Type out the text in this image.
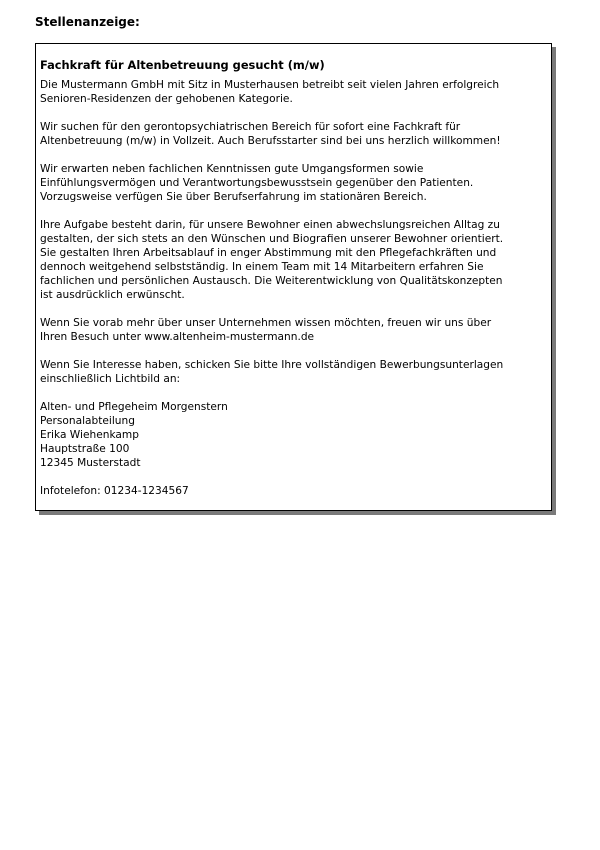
Stellenanzeige:
Fachkraft für Altenbetreuung gesucht (m/w)
Die Mustermann GmbH mit Sitz in Musterhausen betreibt seit vielen Jahren erfolgreich
Senioren-Residenzen der gehobenen Kategorie.

Wir suchen für den gerontopsychiatrischen Bereich für sofort eine Fachkraft für
Altenbetreuung (m/w) in Vollzeit. Auch Berufsstarter sind bei uns herzlich willkommen!

Wir erwarten neben fachlichen Kenntnissen gute Umgangsformen sowie
Einfühlungsvermögen und Verantwortungsbewusstsein gegenüber den Patienten.
Vorzugsweise verfügen Sie über Berufserfahrung im stationären Bereich.

Ihre Aufgabe besteht darin, für unsere Bewohner einen abwechslungsreichen Alltag zu
gestalten, der sich stets an den Wünschen und Biografien unserer Bewohner orientiert.
Sie gestalten Ihren Arbeitsablauf in enger Abstimmung mit den Pflegefachkräften und
dennoch weitgehend selbstständig. In einem Team mit 14 Mitarbeitern erfahren Sie
fachlichen und persönlichen Austausch. Die Weiterentwicklung von Qualitätskonzepten
ist ausdrücklich erwünscht.

Wenn Sie vorab mehr über unser Unternehmen wissen möchten, freuen wir uns über
Ihren Besuch unter www.altenheim-mustermann.de

Wenn Sie Interesse haben, schicken Sie bitte Ihre vollständigen Bewerbungsunterlagen
einschließlich Lichtbild an:

Alten- und Pflegeheim Morgenstern
Personalabteilung
Erika Wiehenkamp
Hauptstraße 100
12345 Musterstadt

Infotelefon: 01234-1234567
